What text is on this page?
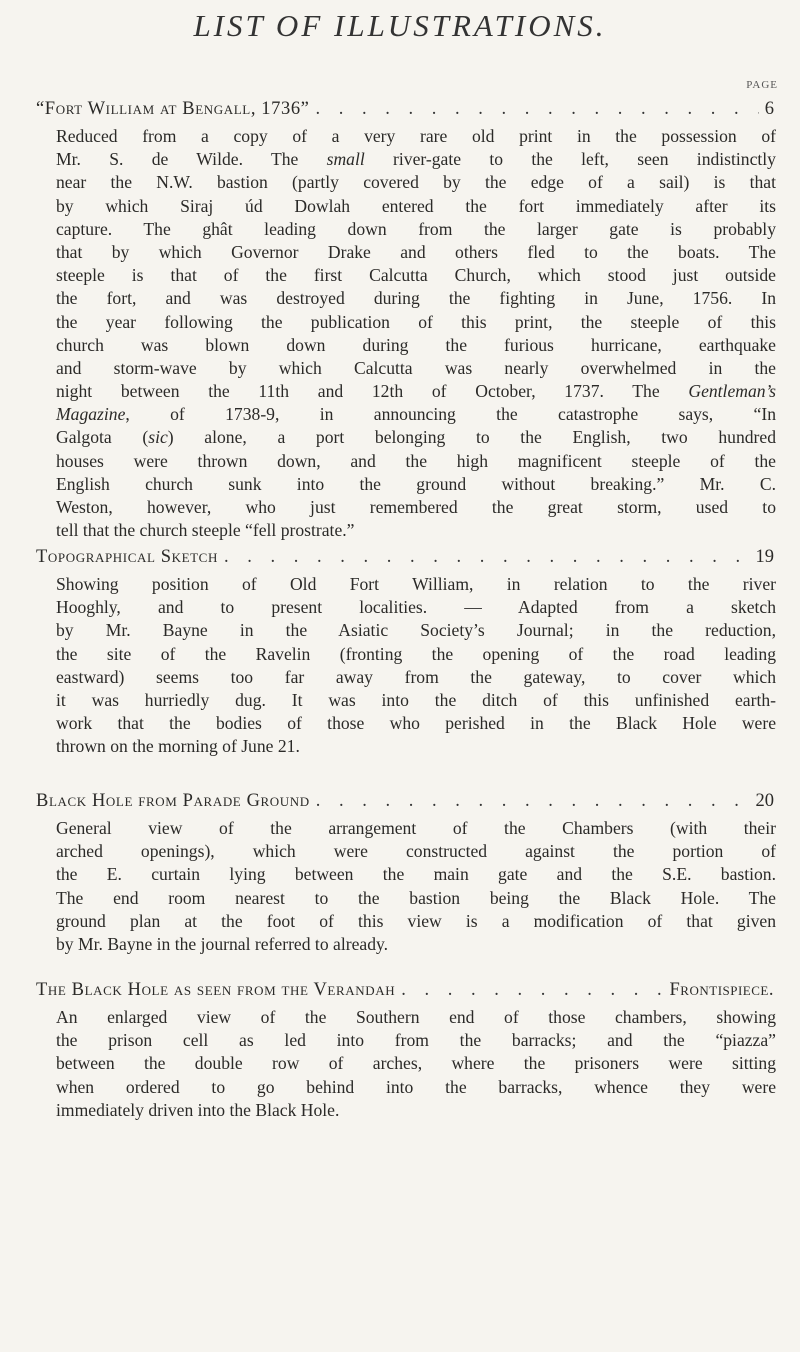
LIST OF ILLUSTRATIONS.
PAGE
“Fort William at Bengall, 1736” . . .	6
Reduced from a copy of a very rare old print in the possession of
Mr. S. de Wilde. The small river-gate to the left, seen indistinctly
near the N.W. bastion (partly covered by the edge of a sail) is that
by which Siraj úd Dowlah entered the fort immediately after its
capture. The ghât leading down from the larger gate is probably
that by which Governor Drake and others fled to the boats. The
steeple is that of the first Calcutta Church, which stood just outside
the fort, and was destroyed during the fighting in June, 1756. In
the year following the publication of this print, the steeple of this
church was blown down during the furious hurricane, earthquake
and storm-wave by which Calcutta was nearly overwhelmed in the
night between the 11th and 12th of October, 1737. The Gentleman’s
Magazine, of 1738-9, in announcing the catastrophe says, “In
Galgota (sic) alone, a port belonging to the English, two hundred
houses were thrown down, and the high magnificent steeple of the
English church sunk into the ground without breaking.” Mr. C.
Weston, however, who just remembered the great storm, used to
tell that the church steeple “fell prostrate.”
Topographical Sketch . . .	19
Showing position of Old Fort William, in relation to the river
Hooghly, and to present localities. — Adapted from a sketch
by Mr. Bayne in the Asiatic Society’s Journal; in the reduction,
the site of the Ravelin (fronting the opening of the road leading
eastward) seems too far away from the gateway, to cover which
it was hurriedly dug. It was into the ditch of this unfinished earth-
work that the bodies of those who perished in the Black Hole were
thrown on the morning of June 21.
Black Hole from Parade Ground . . .	20
General view of the arrangement of the Chambers (with their
arched openings), which were constructed against the portion of
the E. curtain lying between the main gate and the S.E. bastion.
The end room nearest to the bastion being the Black Hole. The
ground plan at the foot of this view is a modification of that given
by Mr. Bayne in the journal referred to already.
The Black Hole as seen from the Verandah . . .	Frontispiece.
An enlarged view of the Southern end of those chambers, showing
the prison cell as led into from the barracks; and the “piazza”
between the double row of arches, where the prisoners were sitting
when ordered to go behind into the barracks, whence they were
immediately driven into the Black Hole.
